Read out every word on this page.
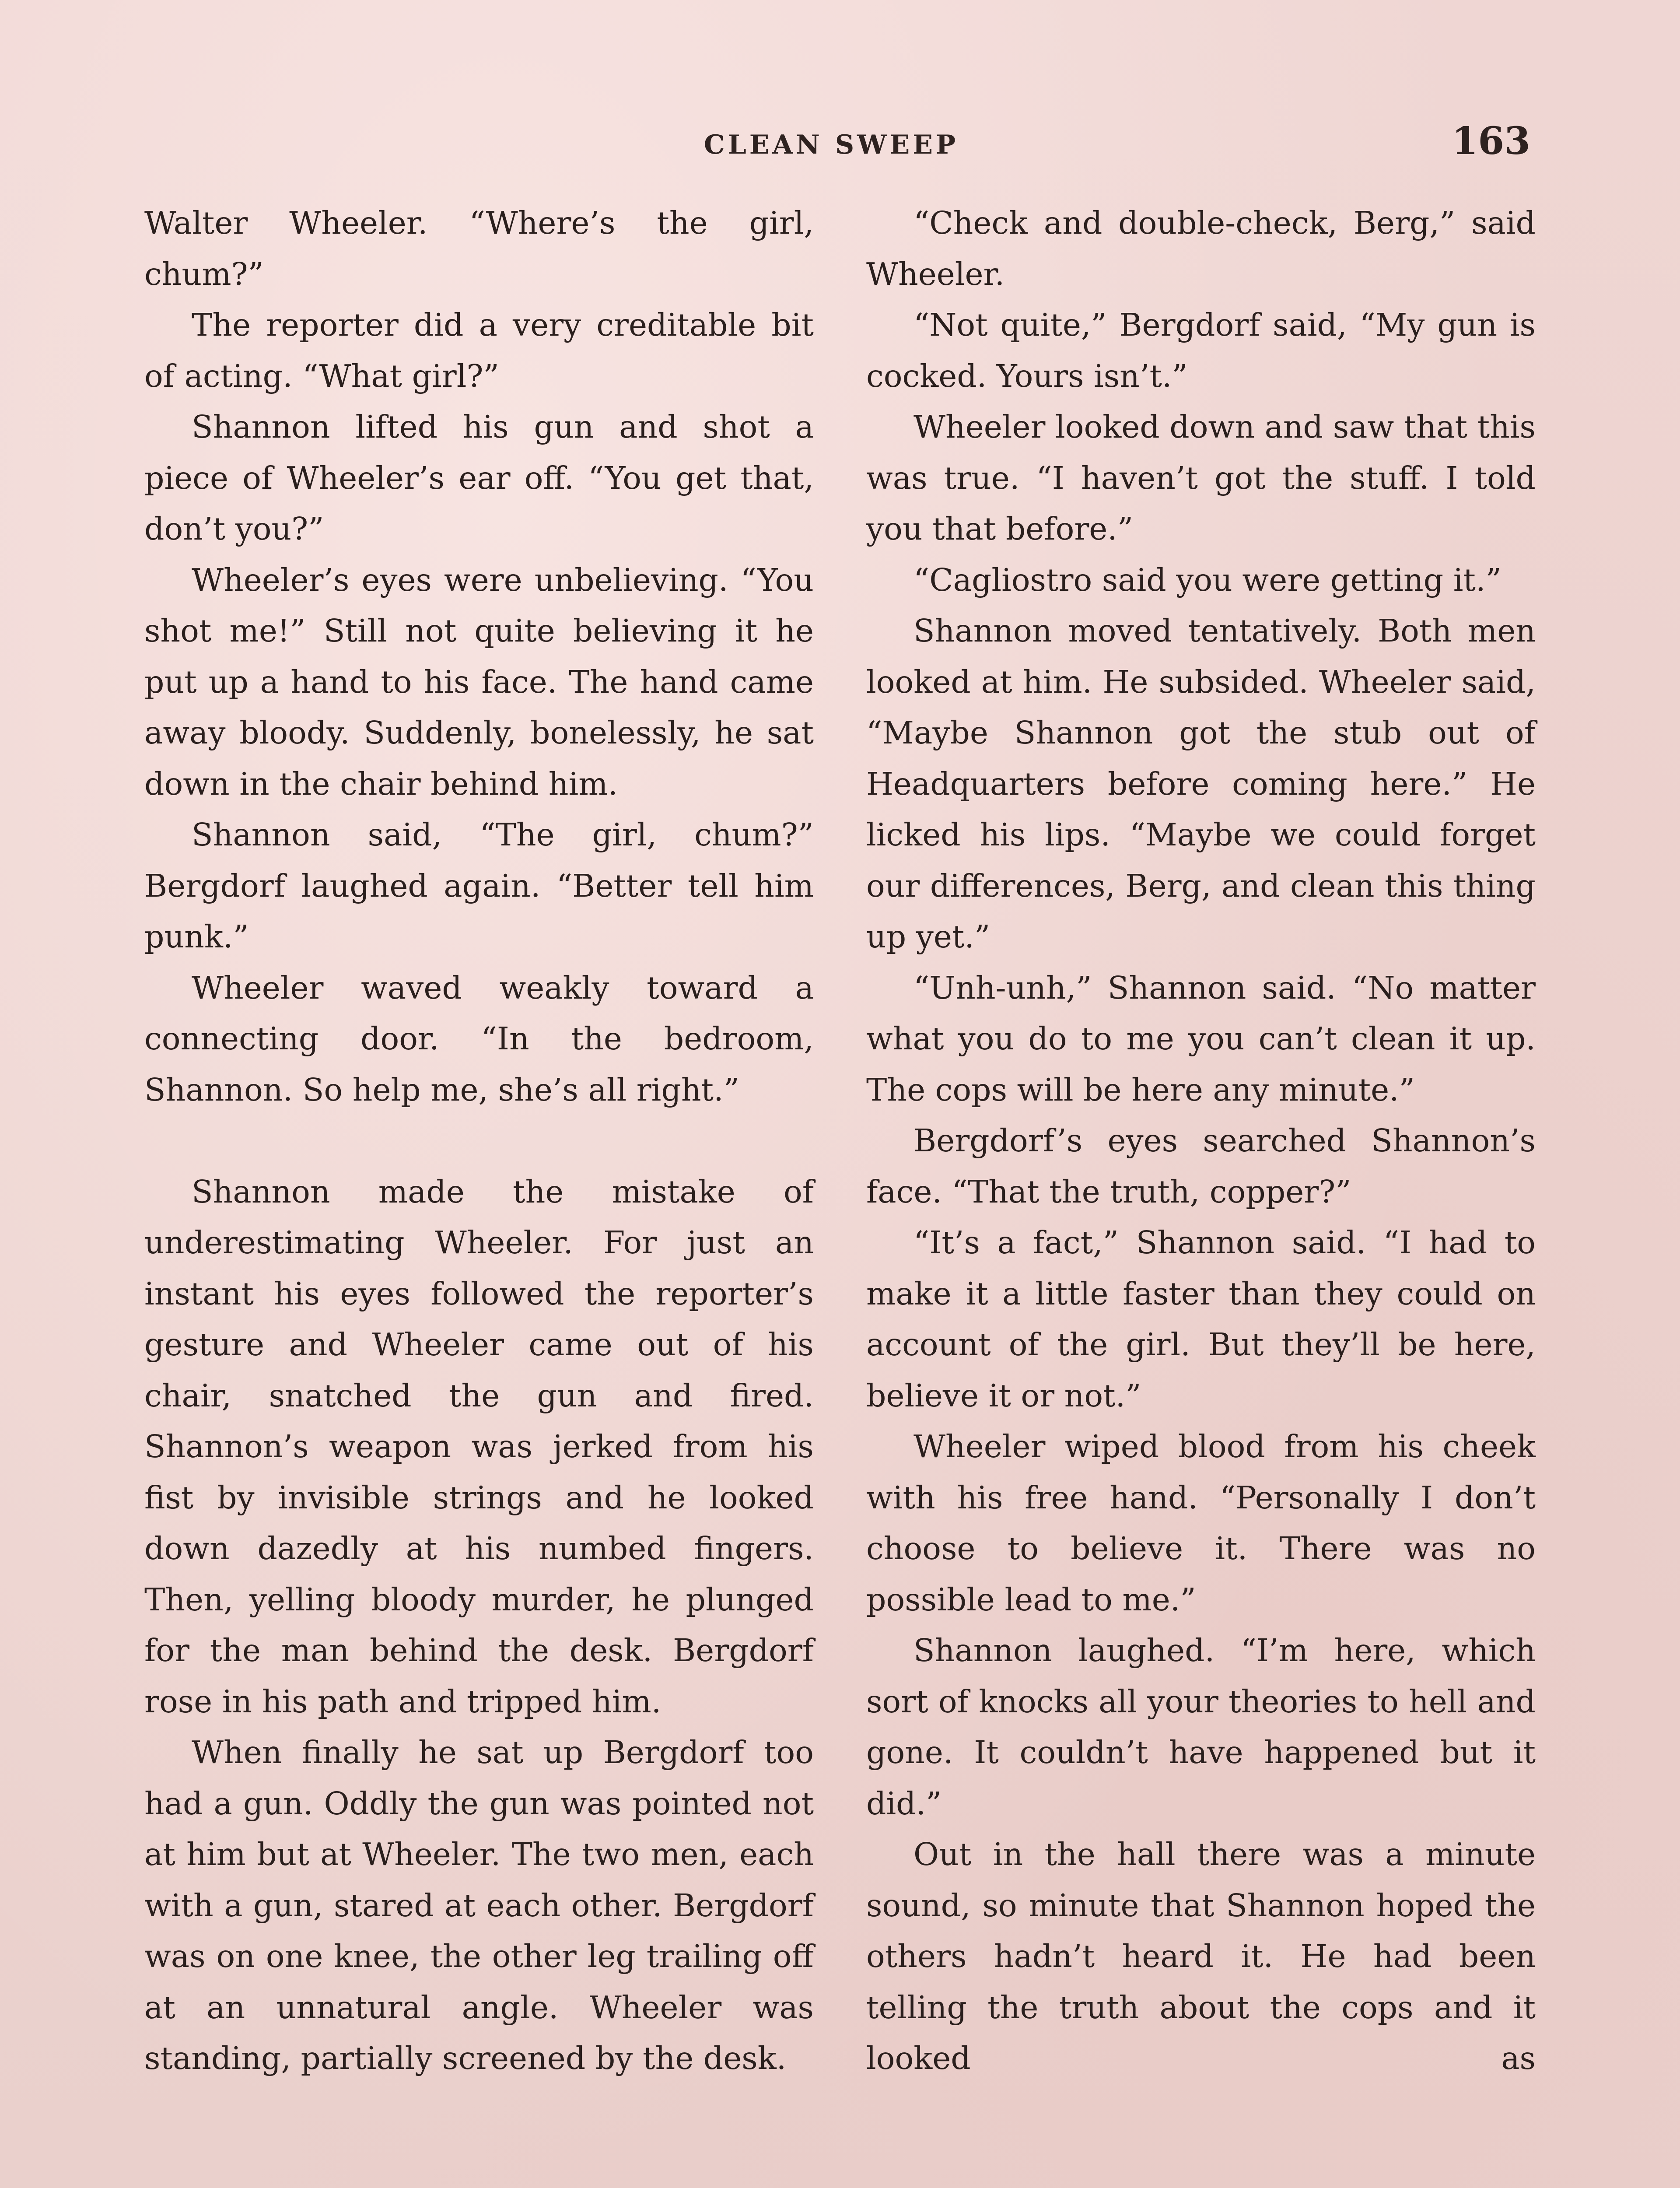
CLEAN SWEEP	163

Walter Wheeler. “Where’s the girl, chum?”

The reporter did a very creditable bit of acting. “What girl?”

Shannon lifted his gun and shot a piece of Wheeler’s ear off. “You get that, don’t you?”

Wheeler’s eyes were unbelieving. “You shot me!” Still not quite believing it he put up a hand to his face. The hand came away bloody. Suddenly, bonelessly, he sat down in the chair behind him.

Shannon said, “The girl, chum?” Bergdorf laughed again. “Better tell him punk.”

Wheeler waved weakly toward a connecting door. “In the bedroom, Shannon. So help me, she’s all right.”

Shannon made the mistake of underestimating Wheeler. For just an instant his eyes followed the reporter’s gesture and Wheeler came out of his chair, snatched the gun and fired. Shannon’s weapon was jerked from his fist by invisible strings and he looked down dazedly at his numbed fingers. Then, yelling bloody murder, he plunged for the man behind the desk. Bergdorf rose in his path and tripped him.

When finally he sat up Bergdorf too had a gun. Oddly the gun was pointed not at him but at Wheeler. The two men, each with a gun, stared at each other. Bergdorf was on one knee, the other leg trailing off at an unnatural angle. Wheeler was standing, partially screened by the desk.

“Check and double-check, Berg,” said Wheeler.

“Not quite,” Bergdorf said, “My gun is cocked. Yours isn’t.”

Wheeler looked down and saw that this was true. “I haven’t got the stuff. I told you that before.”

“Cagliostro said you were getting it.”

Shannon moved tentatively. Both men looked at him. He subsided. Wheeler said, “Maybe Shannon got the stub out of Headquarters before coming here.” He licked his lips. “Maybe we could forget our differences, Berg, and clean this thing up yet.”

“Unh-unh,” Shannon said. “No matter what you do to me you can’t clean it up. The cops will be here any minute.”

Bergdorf’s eyes searched Shannon’s face. “That the truth, copper?”

“It’s a fact,” Shannon said. “I had to make it a little faster than they could on account of the girl. But they’ll be here, believe it or not.”

Wheeler wiped blood from his cheek with his free hand. “Personally I don’t choose to believe it. There was no possible lead to me.”

Shannon laughed. “I’m here, which sort of knocks all your theories to hell and gone. It couldn’t have happened but it did.”

Out in the hall there was a minute sound, so minute that Shannon hoped the others hadn’t heard it. He had been telling the truth about the cops and it looked as
